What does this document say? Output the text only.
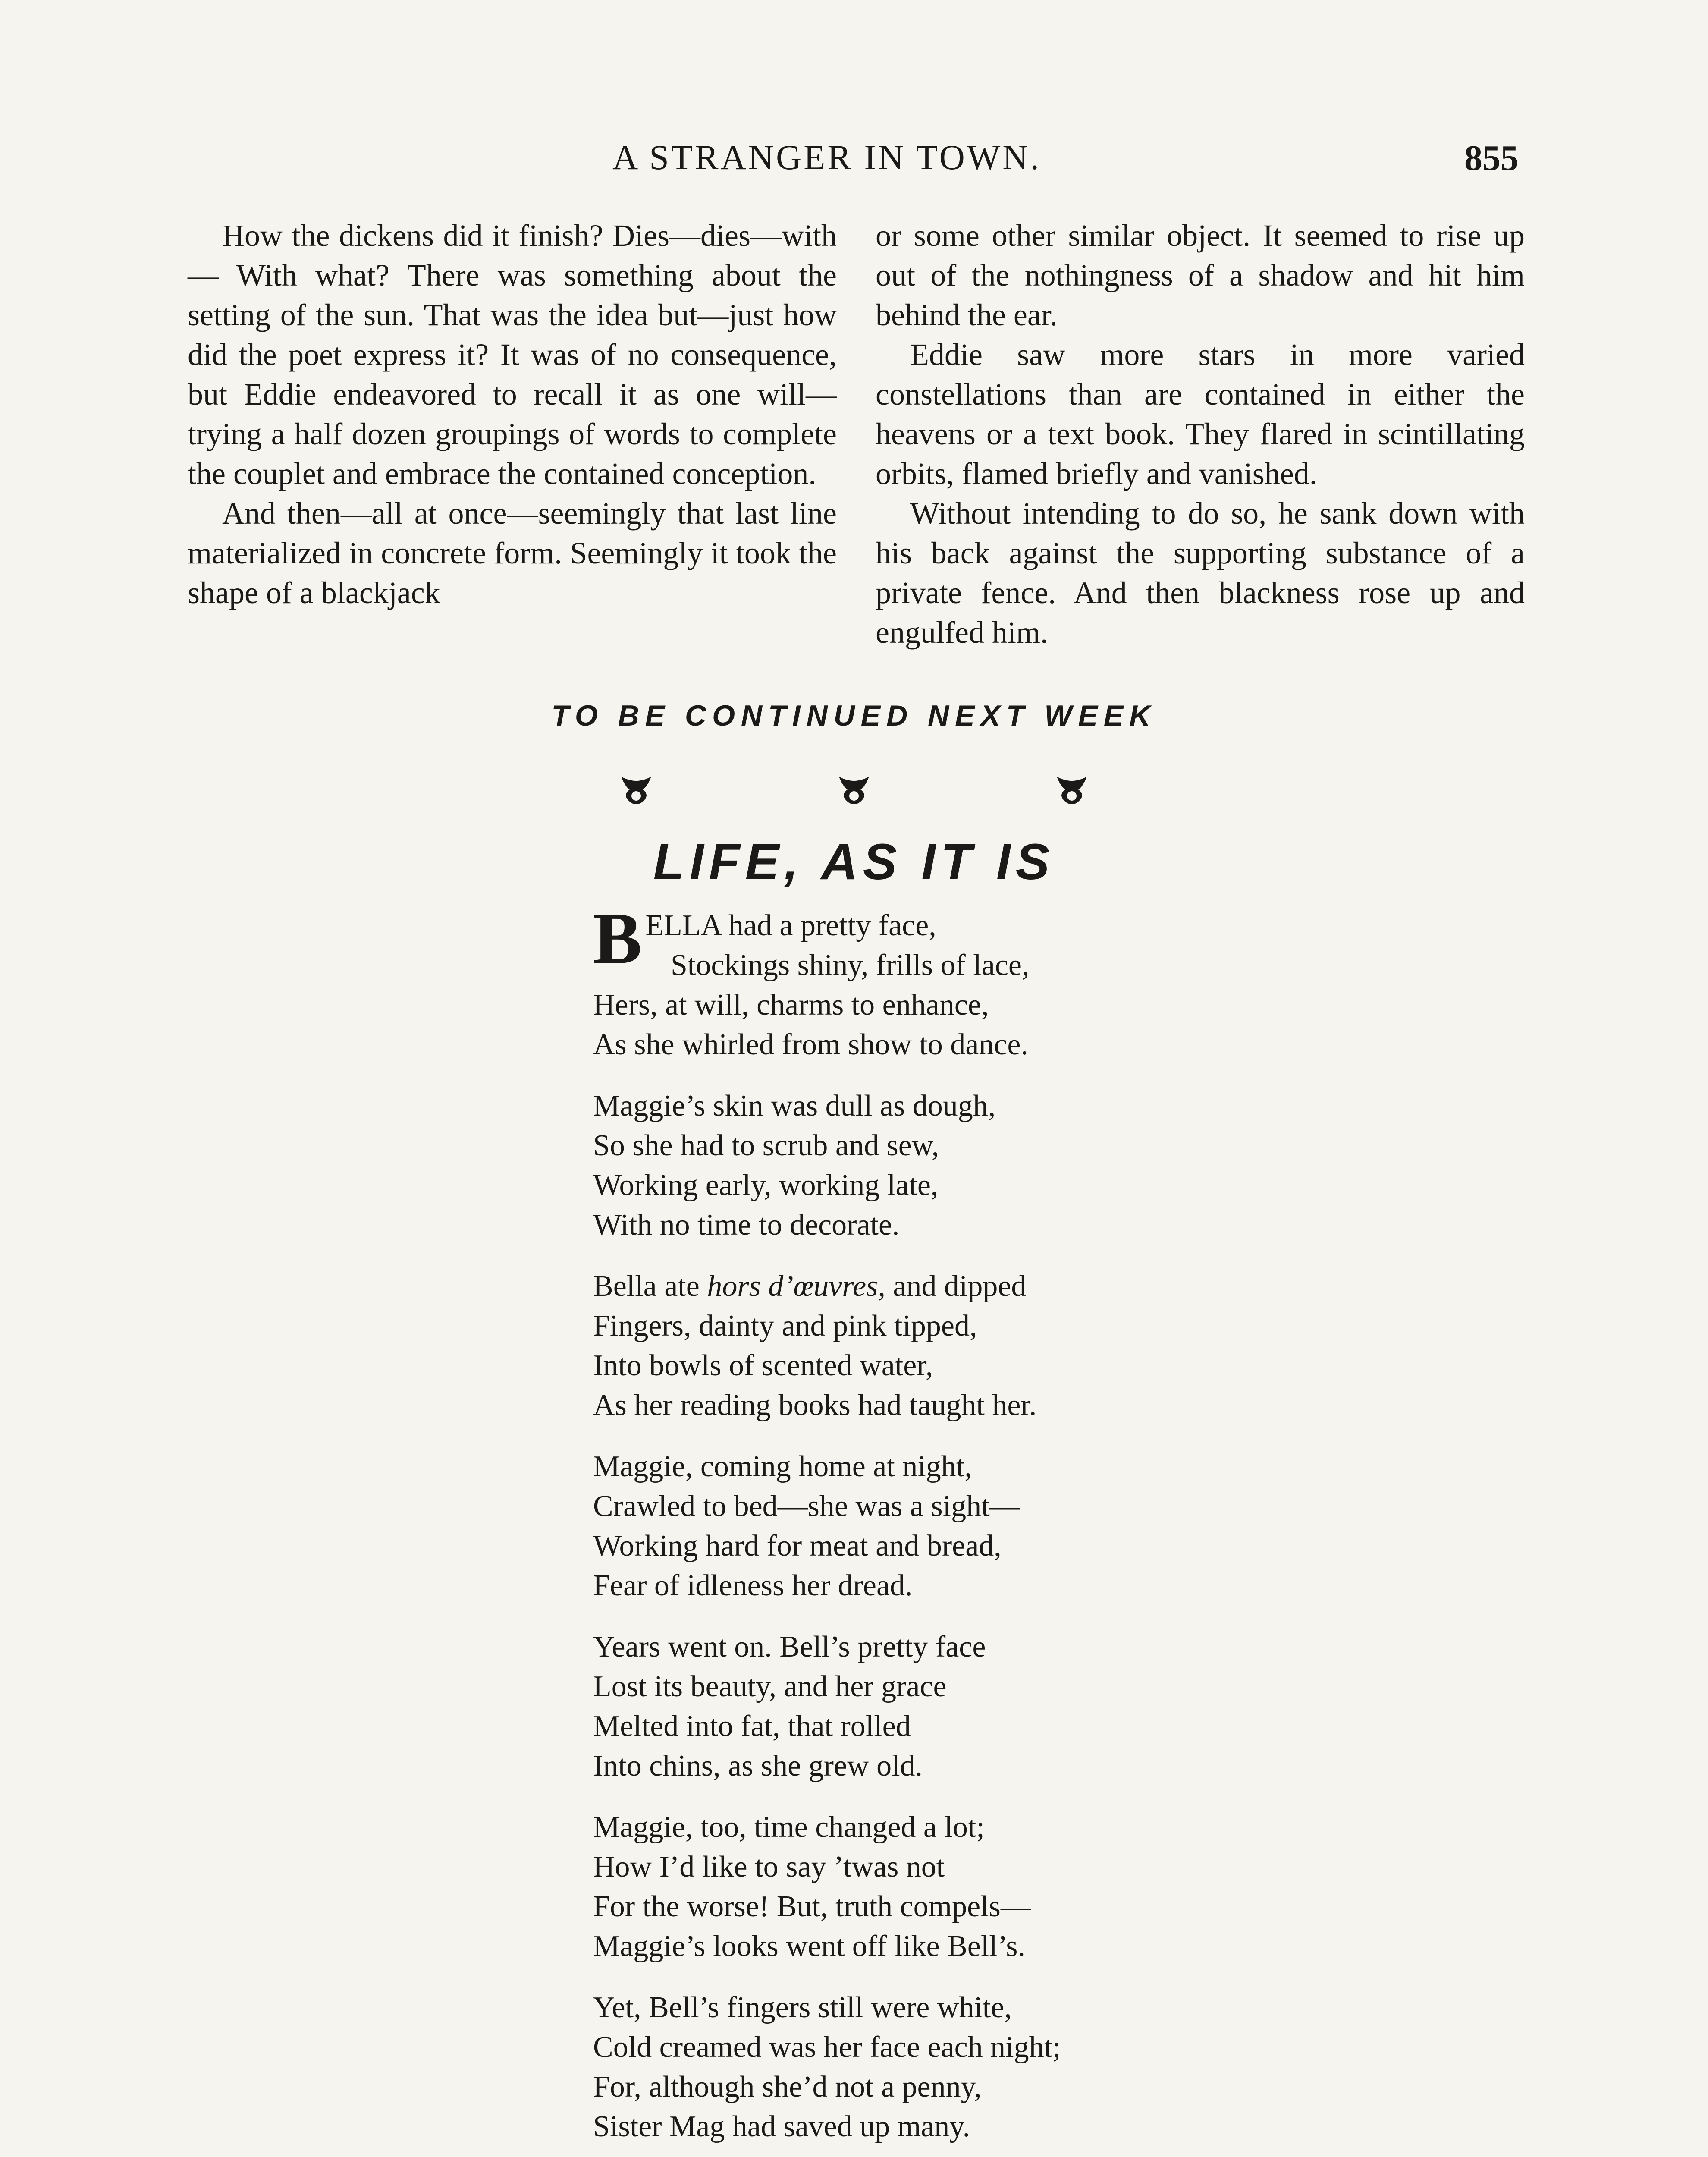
A STRANGER IN TOWN.	855

How the dickens did it finish? Dies—dies—with— With what? There was something about the setting of the sun. That was the idea but—just how did the poet express it? It was of no consequence, but Eddie endeavored to recall it as one will—trying a half dozen groupings of words to complete the couplet and embrace the contained conception.

And then—all at once—seemingly that last line materialized in concrete form. Seemingly it took the shape of a blackjack

or some other similar object. It seemed to rise up out of the nothingness of a shadow and hit him behind the ear.

Eddie saw more stars in more varied constellations than are contained in either the heavens or a text book. They flared in scintillating orbits, flamed briefly and vanished.

Without intending to do so, he sank down with his back against the supporting substance of a private fence. And then blackness rose up and engulfed him.

TO BE CONTINUED NEXT WEEK
LIFE, AS IT IS
B ELLA had a pretty face,
Stockings shiny, frills of lace,
Hers, at will, charms to enhance,
As she whirled from show to dance.
Maggie’s skin was dull as dough,
So she had to scrub and sew,
Working early, working late,
With no time to decorate.
Bella ate hors d’œuvres, and dipped
Fingers, dainty and pink tipped,
Into bowls of scented water,
As her reading books had taught her.
Maggie, coming home at night,
Crawled to bed—she was a sight—
Working hard for meat and bread,
Fear of idleness her dread.
Years went on. Bell’s pretty face
Lost its beauty, and her grace
Melted into fat, that rolled
Into chins, as she grew old.
Maggie, too, time changed a lot;
How I’d like to say ’twas not
For the worse! But, truth compels—
Maggie’s looks went off like Bell’s.
Yet, Bell’s fingers still were white,
Cold creamed was her face each night;
For, although she’d not a penny,
Sister Mag had saved up many.
